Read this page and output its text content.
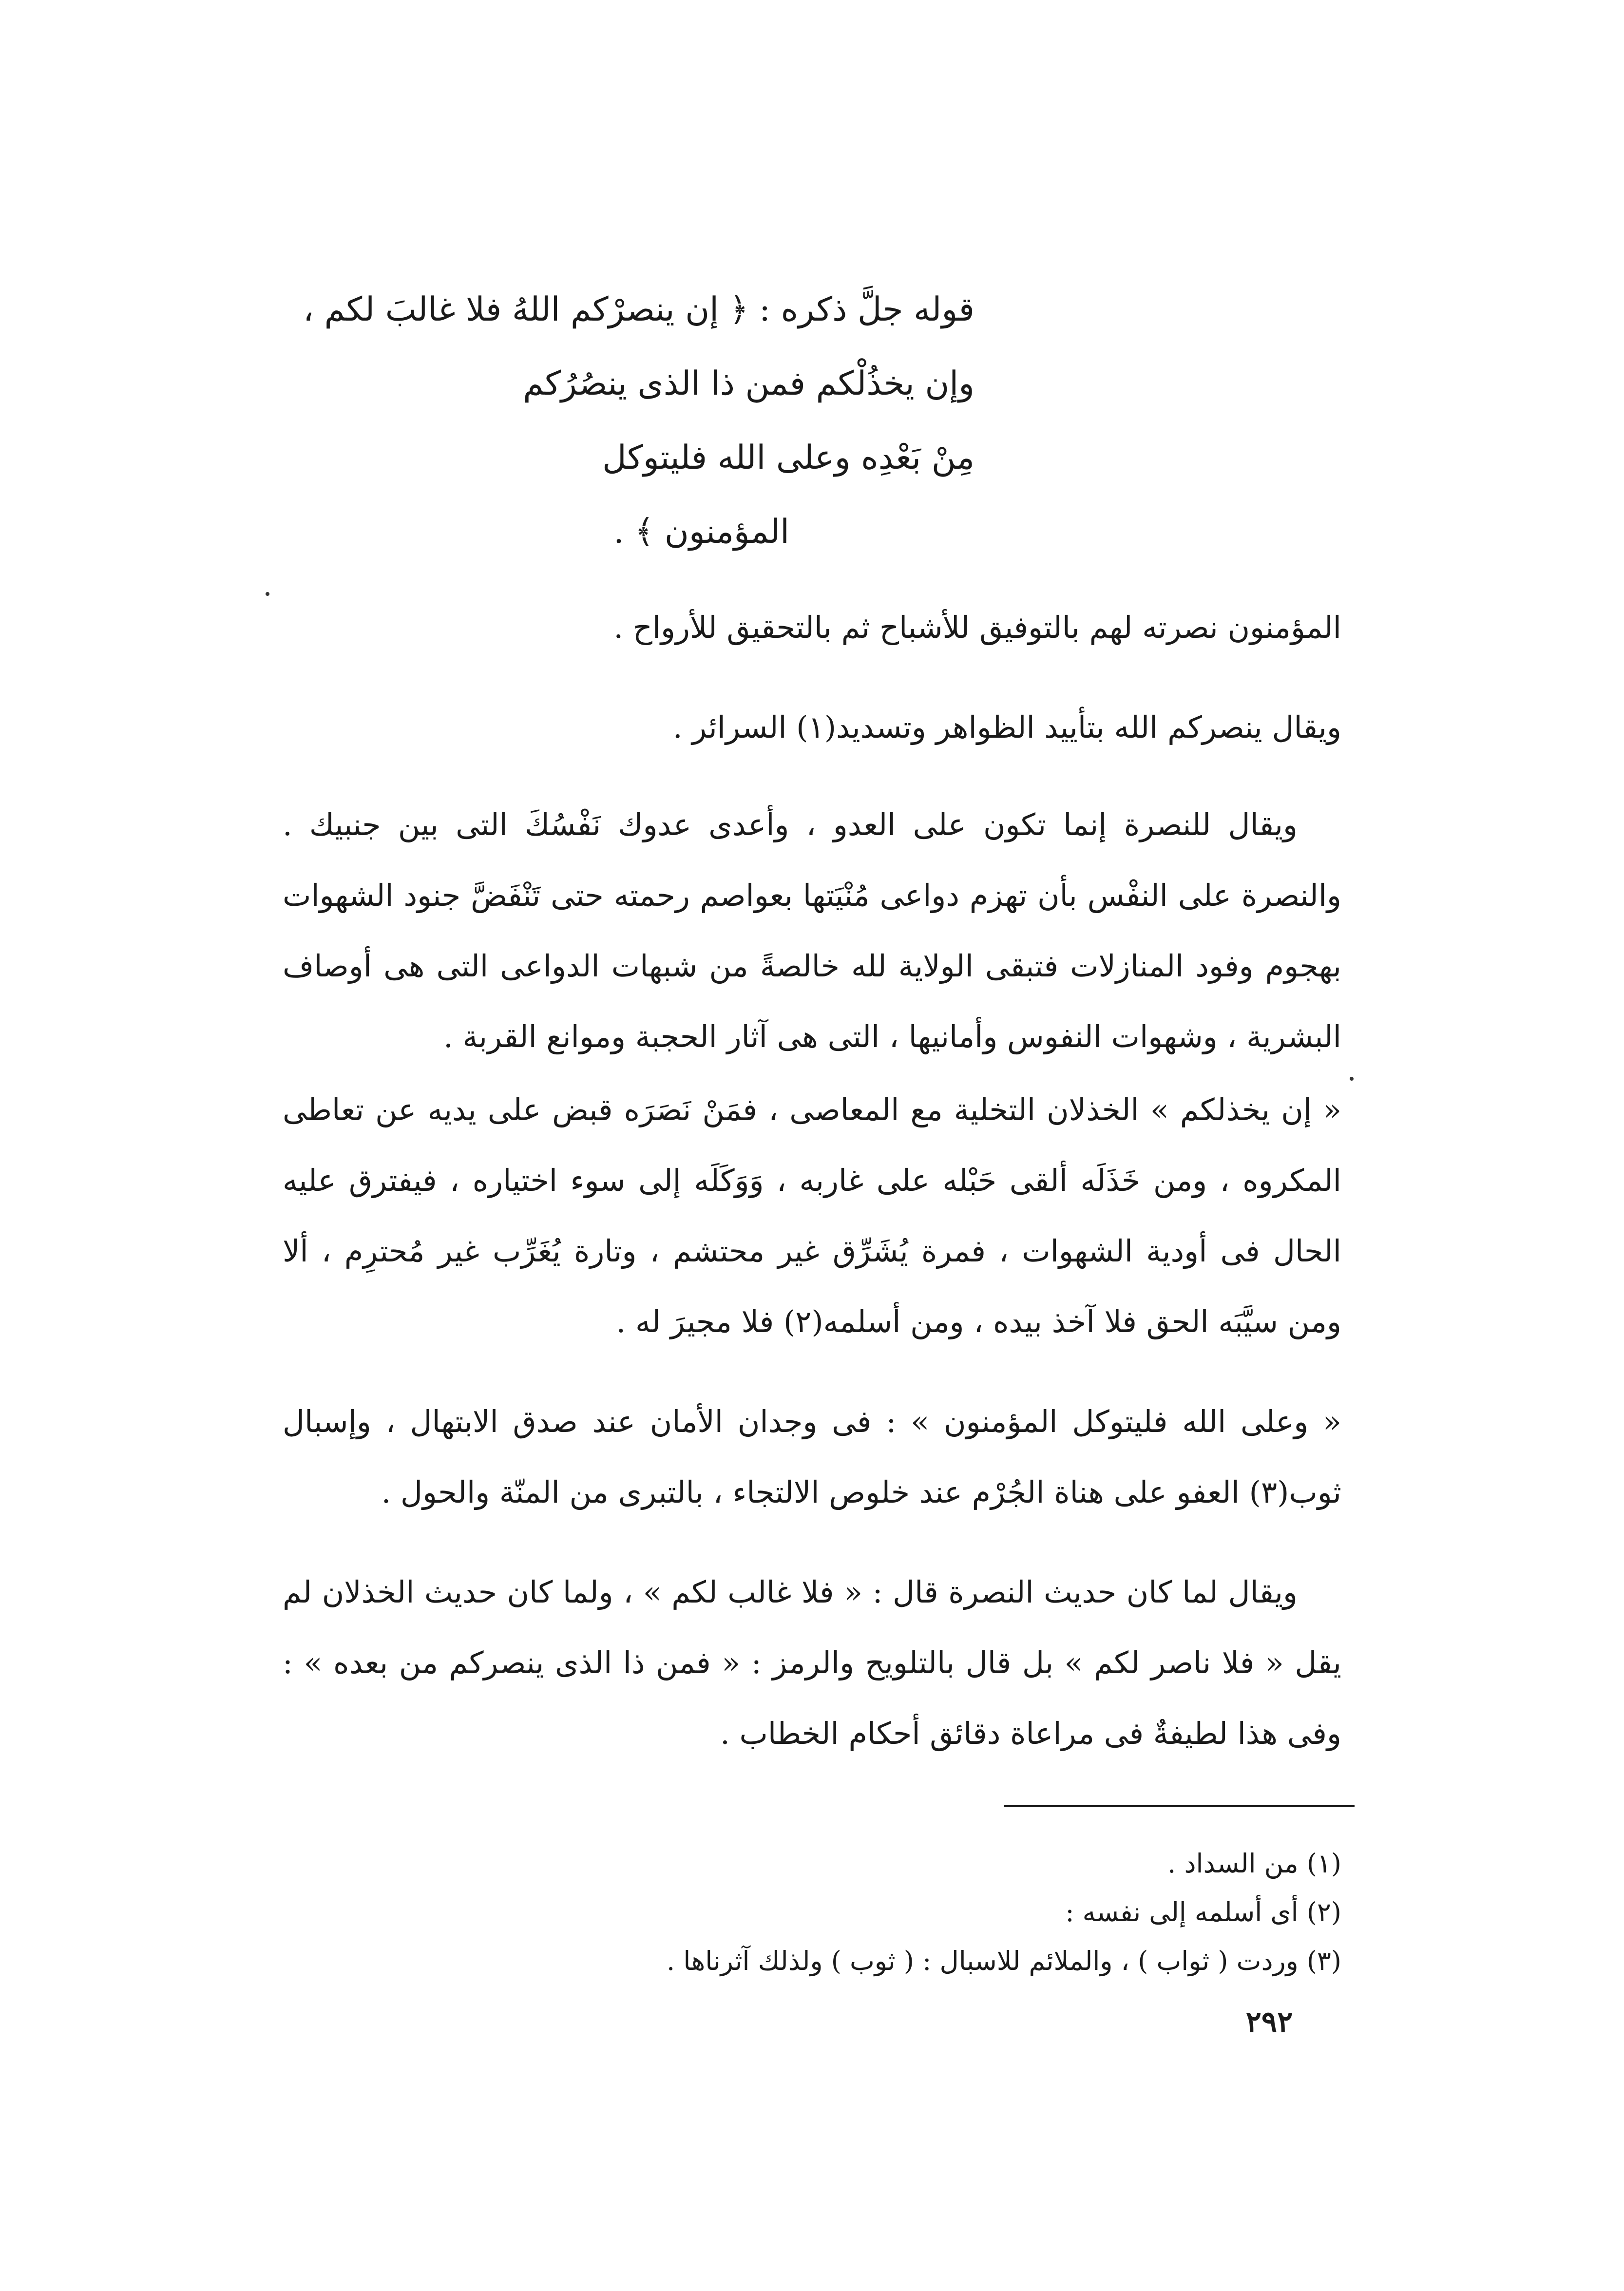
قوله جلَّ ذكره : ﴿ إن ينصرْكم اللهُ فلا غالبَ لكم ،
وإن يخذُلْكم فمن ذا الذى ينصُرُكم
مِنْ بَعْدِه وعلى الله فليتوكل
المؤمنون ﴾ .
المؤمنون نصرته لهم بالتوفيق للأشباح ثم بالتحقيق للأرواح .
ويقال ينصركم الله بتأييد الظواهر وتسديد(١) السرائر .
ويقال للنصرة إنما تكون على العدو ، وأعدى عدوك نَفْسُكَ التى بين جنبيك . والنصرة على النفْس بأن تهزم دواعى مُنْيَتها بعواصم رحمته حتى تَنْفَضَّ جنود الشهوات بهجوم وفود المنازلات فتبقى الولاية لله خالصةً من شبهات الدواعى التى هى أوصاف البشرية ، وشهوات النفوس وأمانيها ، التى هى آثار الحجبة وموانع القربة .
« إن يخذلكم » الخذلان التخلية مع المعاصى ، فمَنْ نَصَرَه قبض على يديه عن تعاطى المكروه ، ومن خَذَلَه ألقى حَبْله على غاربه ، وَوَكَلَه إلى سوء اختياره ، فيفترق عليه الحال فى أودية الشهوات ، فمرة يُشَرِّق غير محتشم ، وتارة يُغَرِّب غير مُحترِم ، ألا ومن سيَّبَه الحق فلا آخذ بيده ، ومن أسلمه(٢) فلا مجيرَ له .
« وعلى الله فليتوكل المؤمنون » : فى وجدان الأمان عند صدق الابتهال ، وإسبال ثوب(٣) العفو على هناة الجُرْم عند خلوص الالتجاء ، بالتبرى من المنّة والحول .
ويقال لما كان حديث النصرة قال : « فلا غالب لكم » ، ولما كان حديث الخذلان لم يقل « فلا ناصر لكم » بل قال بالتلويح والرمز : « فمن ذا الذى ينصركم من بعده » : وفى هذا لطيفةٌ فى مراعاة دقائق أحكام الخطاب .
(١) من السداد .
(٢) أى أسلمه إلى نفسه :
(٣) وردت ( ثواب ) ، والملائم للاسبال : ( ثوب ) ولذلك آثرناها .
٢٩٢
